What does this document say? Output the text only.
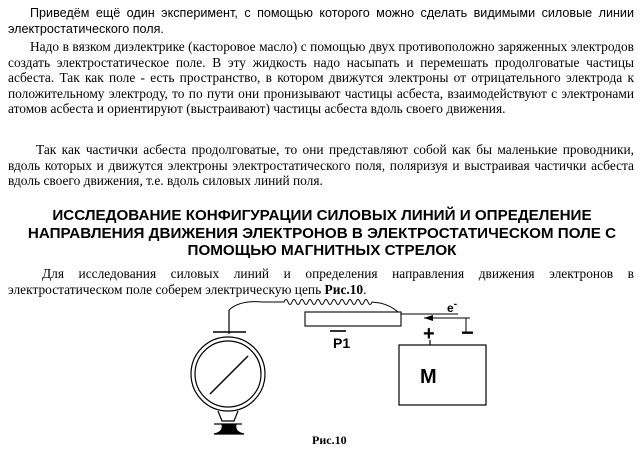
Приведём ещё один эксперимент, с помощью которого можно сделать видимыми силовые линии электростатического поля.

Надо в вязком диэлектрике (касторовое масло) с помощью двух противоположно заряженных электродов создать электростатическое поле. В эту жидкость надо насыпать и перемешать продолговатые частицы асбеста. Так как поле - есть пространство, в котором движутся электроны от отрицательного электрода к положительному электроду, то по пути они пронизывают частицы асбеста, взаимодействуют с электронами атомов асбеста и ориентируют (выстраивают) частицы асбеста вдоль своего движения.

Так как частички асбеста продолговатые, то они представляют собой как бы маленькие проводники, вдоль которых и движутся электроны электростатического поля, поляризуя и выстраивая частички асбеста вдоль своего движения, т.е. вдоль силовых линий поля.

ИССЛЕДОВАНИЕ КОНФИГУРАЦИИ СИЛОВЫХ ЛИНИЙ И ОПРЕДЕЛЕНИЕ НАПРАВЛЕНИЯ ДВИЖЕНИЯ ЭЛЕКТРОНОВ В ЭЛЕКТРОСТАТИЧЕСКОМ ПОЛЕ С ПОМОЩЬЮ МАГНИТНЫХ СТРЕЛОК

Для исследования силовых линий и определения направления движения электронов в электростатическом поле соберем электрическую цепь Рис.10.

P1
e-
+ −
M

Рис.10
